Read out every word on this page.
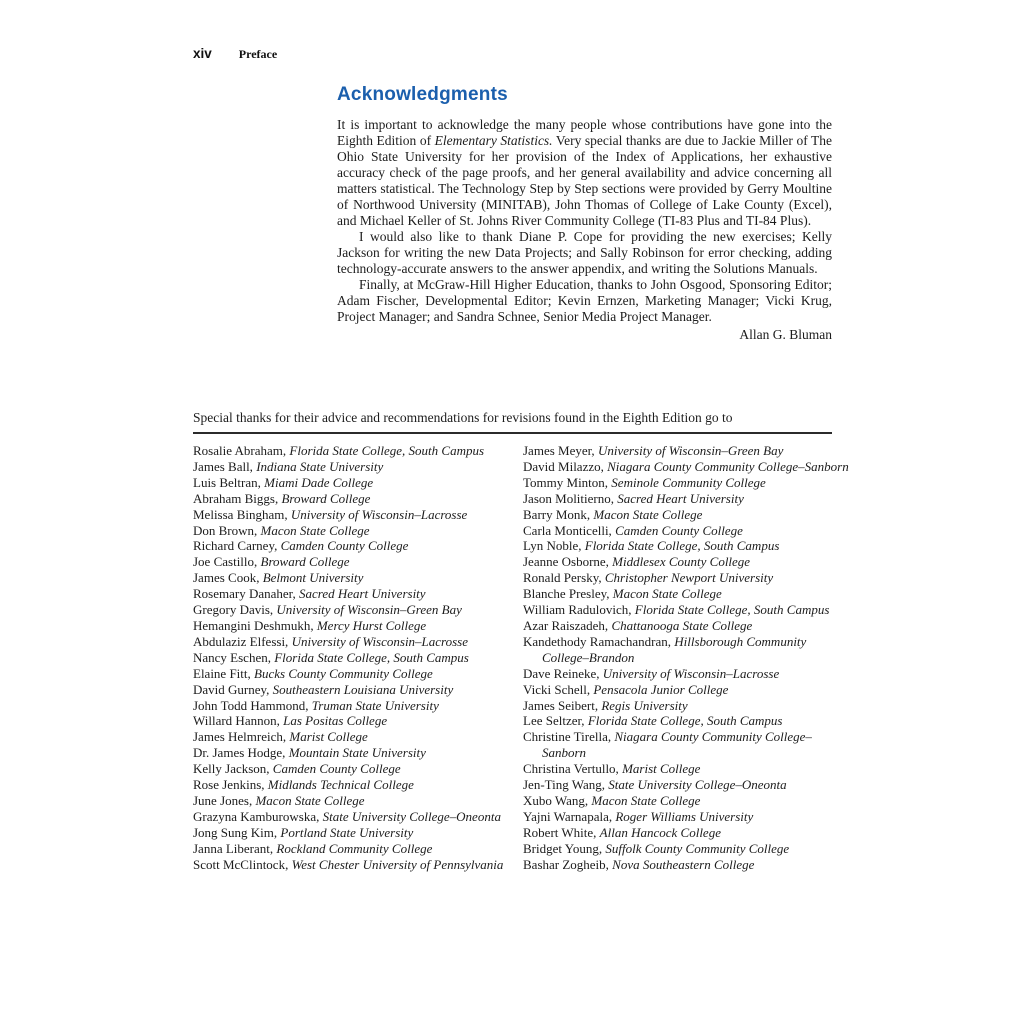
xiv Preface
Acknowledgments

It is important to acknowledge the many people whose contributions have gone into the Eighth Edition of Elementary Statistics. Very special thanks are due to Jackie Miller of The Ohio State University for her provision of the Index of Applications, her exhaustive accuracy check of the page proofs, and her general availability and advice concerning all matters statistical. The Technology Step by Step sections were provided by Gerry Moultine of Northwood University (MINITAB), John Thomas of College of Lake County (Excel), and Michael Keller of St. Johns River Community College (TI-83 Plus and TI-84 Plus).

I would also like to thank Diane P. Cope for providing the new exercises; Kelly Jackson for writing the new Data Projects; and Sally Robinson for error checking, adding technology-accurate answers to the answer appendix, and writing the Solutions Manuals.

Finally, at McGraw-Hill Higher Education, thanks to John Osgood, Sponsoring Editor; Adam Fischer, Developmental Editor; Kevin Ernzen, Marketing Manager; Vicki Krug, Project Manager; and Sandra Schnee, Senior Media Project Manager.

Allan G. Bluman

Special thanks for their advice and recommendations for revisions found in the Eighth Edition go to

Rosalie Abraham, Florida State College, South Campus
James Ball, Indiana State University
Luis Beltran, Miami Dade College
Abraham Biggs, Broward College
Melissa Bingham, University of Wisconsin–Lacrosse
Don Brown, Macon State College
Richard Carney, Camden County College
Joe Castillo, Broward College
James Cook, Belmont University
Rosemary Danaher, Sacred Heart University
Gregory Davis, University of Wisconsin–Green Bay
Hemangini Deshmukh, Mercy Hurst College
Abdulaziz Elfessi, University of Wisconsin–Lacrosse
Nancy Eschen, Florida State College, South Campus
Elaine Fitt, Bucks County Community College
David Gurney, Southeastern Louisiana University
John Todd Hammond, Truman State University
Willard Hannon, Las Positas College
James Helmreich, Marist College
Dr. James Hodge, Mountain State University
Kelly Jackson, Camden County College
Rose Jenkins, Midlands Technical College
June Jones, Macon State College
Grazyna Kamburowska, State University College–Oneonta
Jong Sung Kim, Portland State University
Janna Liberant, Rockland Community College
Scott McClintock, West Chester University of Pennsylvania
James Meyer, University of Wisconsin–Green Bay
David Milazzo, Niagara County Community College–Sanborn
Tommy Minton, Seminole Community College
Jason Molitierno, Sacred Heart University
Barry Monk, Macon State College
Carla Monticelli, Camden County College
Lyn Noble, Florida State College, South Campus
Jeanne Osborne, Middlesex County College
Ronald Persky, Christopher Newport University
Blanche Presley, Macon State College
William Radulovich, Florida State College, South Campus
Azar Raiszadeh, Chattanooga State College
Kandethody Ramachandran, Hillsborough Community College–Brandon
Dave Reineke, University of Wisconsin–Lacrosse
Vicki Schell, Pensacola Junior College
James Seibert, Regis University
Lee Seltzer, Florida State College, South Campus
Christine Tirella, Niagara County Community College–Sanborn
Christina Vertullo, Marist College
Jen-Ting Wang, State University College–Oneonta
Xubo Wang, Macon State College
Yajni Warnapala, Roger Williams University
Robert White, Allan Hancock College
Bridget Young, Suffolk County Community College
Bashar Zogheib, Nova Southeastern College
